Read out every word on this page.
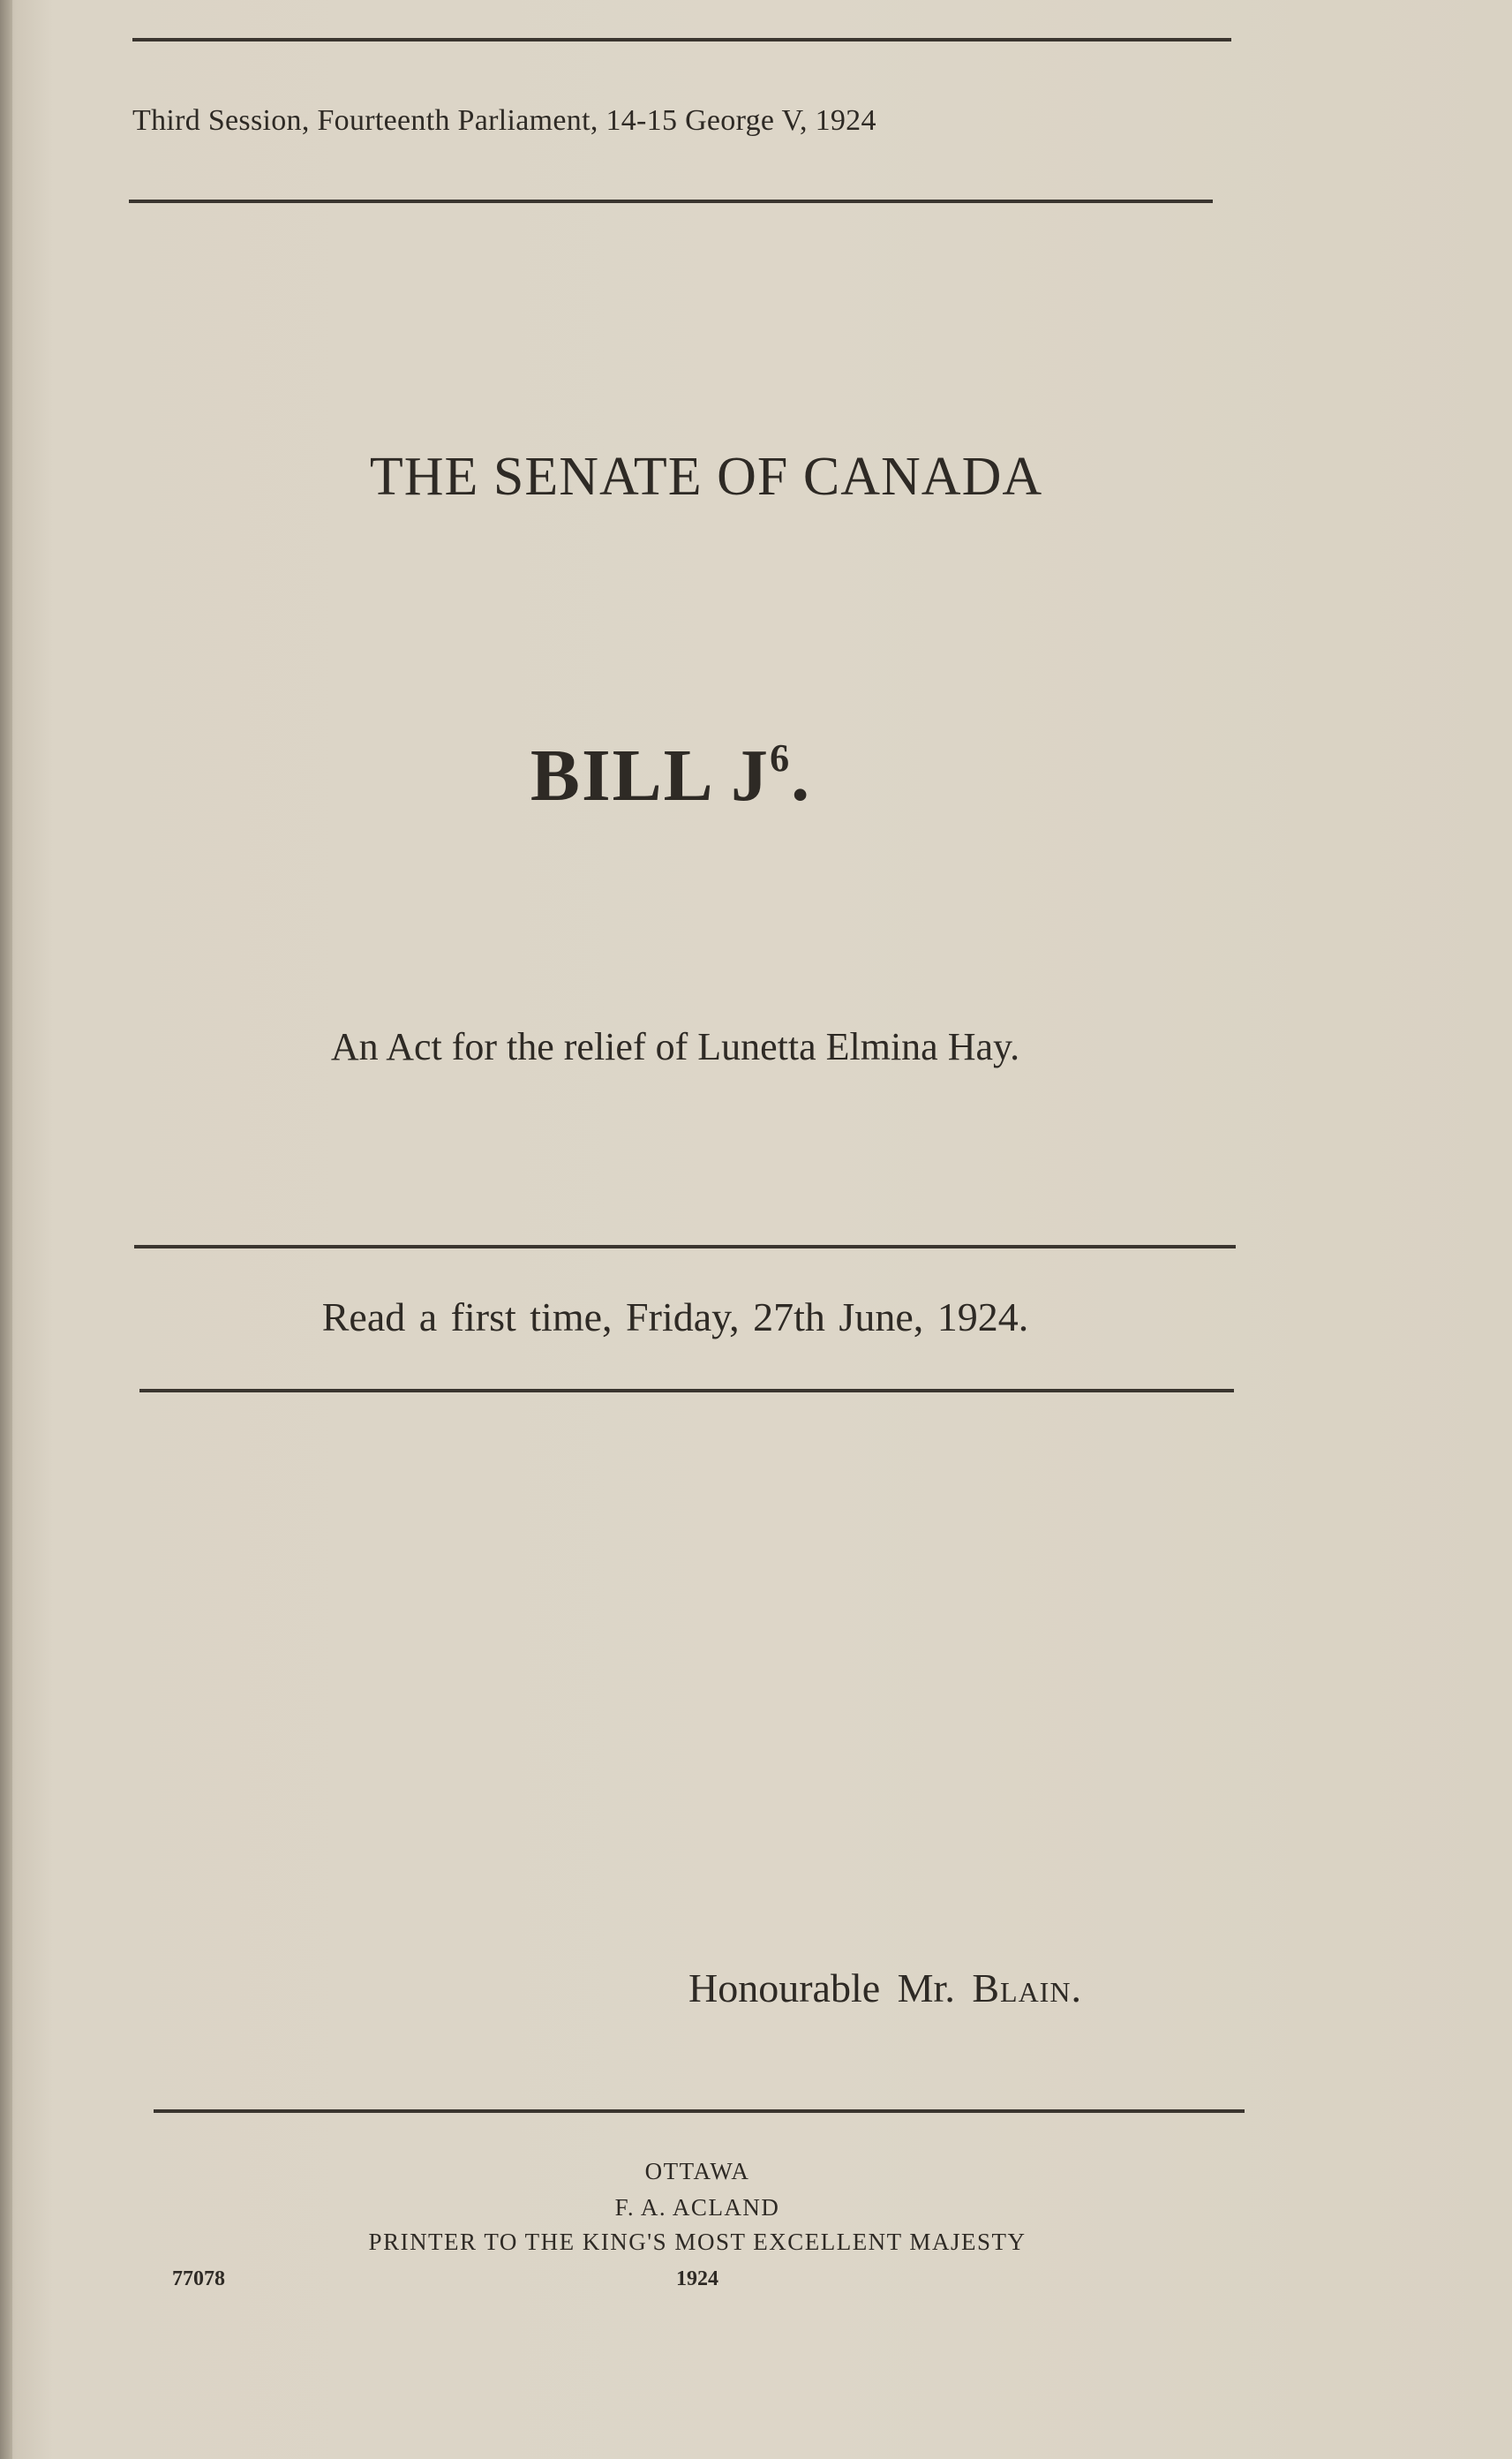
Third Session, Fourteenth Parliament, 14-15 George V, 1924
THE SENATE OF CANADA
BILL $J^6$.
An Act for the relief of Lunetta Elmina Hay.
Read a first time, Friday, 27th June, 1924.
Honourable Mr. Blain.
OTTAWA
F. A. ACLAND
PRINTER TO THE KING'S MOST EXCELLENT MAJESTY
77078	1924
